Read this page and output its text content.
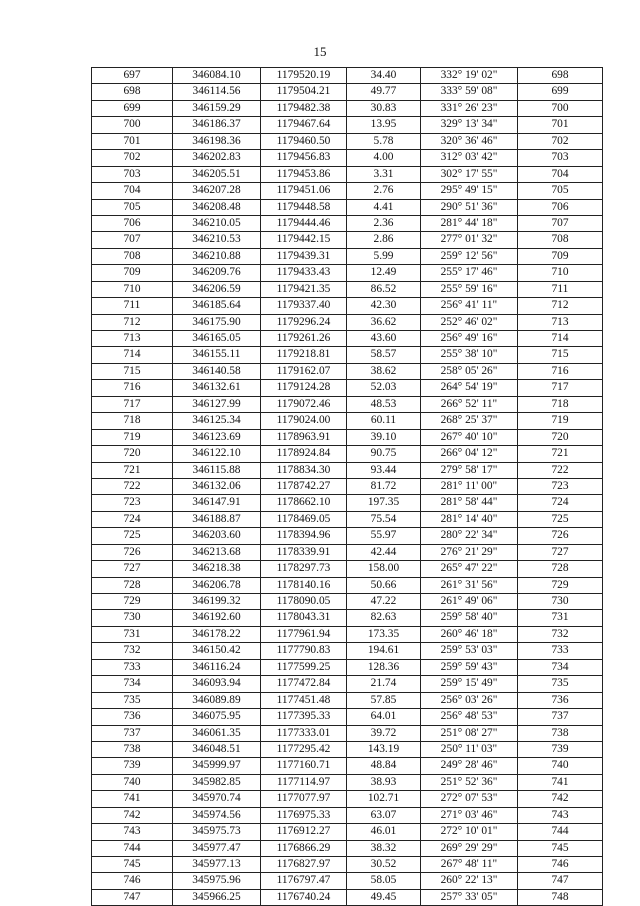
15
697	346084.10	1179520.19	34.40	332° 19' 02"	698
698	346114.56	1179504.21	49.77	333° 59' 08"	699
699	346159.29	1179482.38	30.83	331° 26' 23"	700
700	346186.37	1179467.64	13.95	329° 13' 34"	701
701	346198.36	1179460.50	5.78	320° 36' 46"	702
702	346202.83	1179456.83	4.00	312° 03' 42"	703
703	346205.51	1179453.86	3.31	302° 17' 55"	704
704	346207.28	1179451.06	2.76	295° 49' 15"	705
705	346208.48	1179448.58	4.41	290° 51' 36"	706
706	346210.05	1179444.46	2.36	281° 44' 18"	707
707	346210.53	1179442.15	2.86	277° 01' 32"	708
708	346210.88	1179439.31	5.99	259° 12' 56"	709
709	346209.76	1179433.43	12.49	255° 17' 46"	710
710	346206.59	1179421.35	86.52	255° 59' 16"	711
711	346185.64	1179337.40	42.30	256° 41' 11"	712
712	346175.90	1179296.24	36.62	252° 46' 02"	713
713	346165.05	1179261.26	43.60	256° 49' 16"	714
714	346155.11	1179218.81	58.57	255° 38' 10"	715
715	346140.58	1179162.07	38.62	258° 05' 26"	716
716	346132.61	1179124.28	52.03	264° 54' 19"	717
717	346127.99	1179072.46	48.53	266° 52' 11"	718
718	346125.34	1179024.00	60.11	268° 25' 37"	719
719	346123.69	1178963.91	39.10	267° 40' 10"	720
720	346122.10	1178924.84	90.75	266° 04' 12"	721
721	346115.88	1178834.30	93.44	279° 58' 17"	722
722	346132.06	1178742.27	81.72	281° 11' 00"	723
723	346147.91	1178662.10	197.35	281° 58' 44"	724
724	346188.87	1178469.05	75.54	281° 14' 40"	725
725	346203.60	1178394.96	55.97	280° 22' 34"	726
726	346213.68	1178339.91	42.44	276° 21' 29"	727
727	346218.38	1178297.73	158.00	265° 47' 22"	728
728	346206.78	1178140.16	50.66	261° 31' 56"	729
729	346199.32	1178090.05	47.22	261° 49' 06"	730
730	346192.60	1178043.31	82.63	259° 58' 40"	731
731	346178.22	1177961.94	173.35	260° 46' 18"	732
732	346150.42	1177790.83	194.61	259° 53' 03"	733
733	346116.24	1177599.25	128.36	259° 59' 43"	734
734	346093.94	1177472.84	21.74	259° 15' 49"	735
735	346089.89	1177451.48	57.85	256° 03' 26"	736
736	346075.95	1177395.33	64.01	256° 48' 53"	737
737	346061.35	1177333.01	39.72	251° 08' 27"	738
738	346048.51	1177295.42	143.19	250° 11' 03"	739
739	345999.97	1177160.71	48.84	249° 28' 46"	740
740	345982.85	1177114.97	38.93	251° 52' 36"	741
741	345970.74	1177077.97	102.71	272° 07' 53"	742
742	345974.56	1176975.33	63.07	271° 03' 46"	743
743	345975.73	1176912.27	46.01	272° 10' 01"	744
744	345977.47	1176866.29	38.32	269° 29' 29"	745
745	345977.13	1176827.97	30.52	267° 48' 11"	746
746	345975.96	1176797.47	58.05	260° 22' 13"	747
747	345966.25	1176740.24	49.45	257° 33' 05"	748
